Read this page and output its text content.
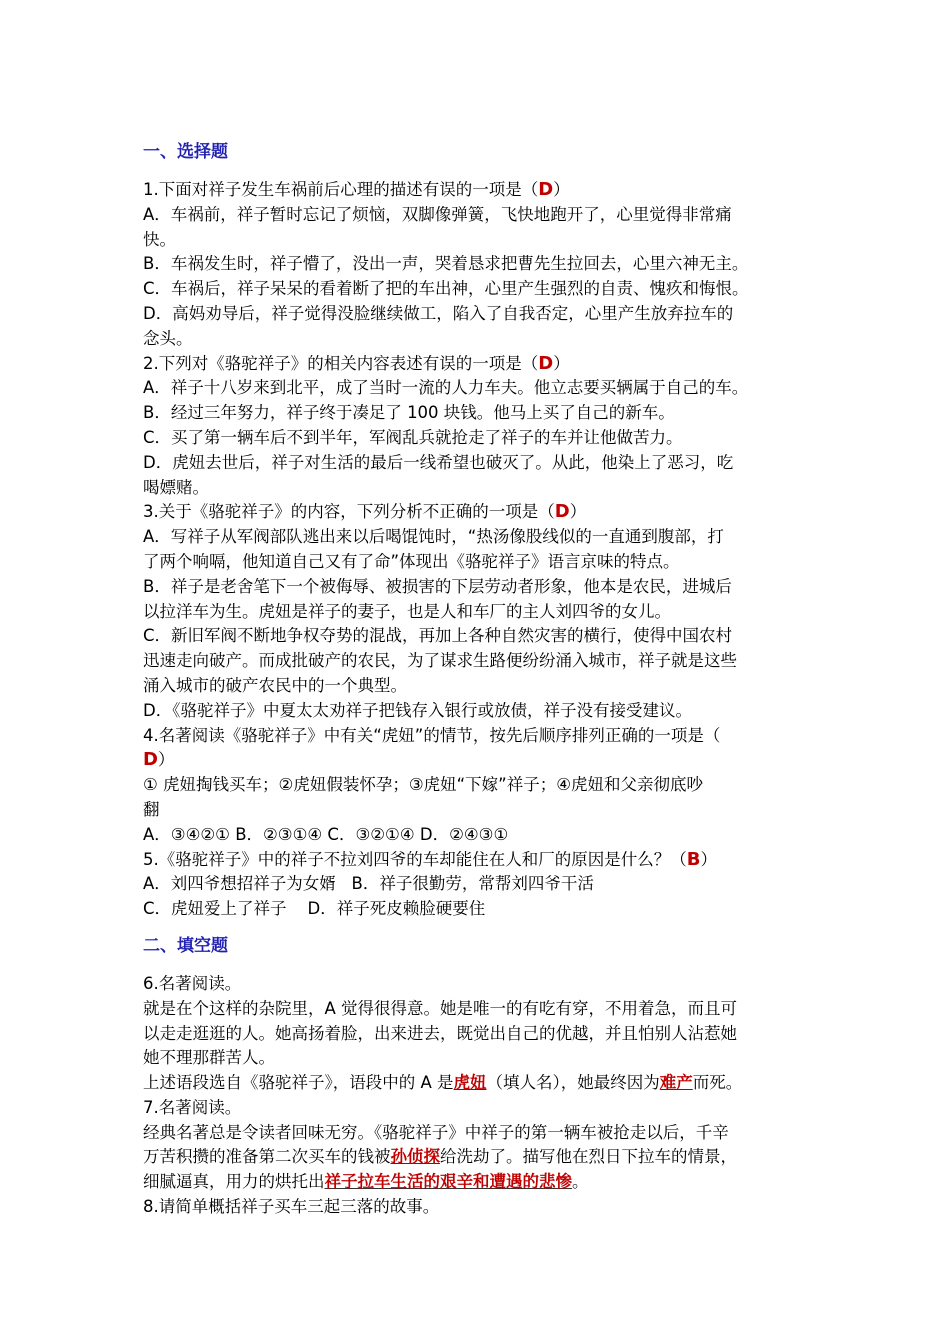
一、选择题
1.下面对祥子发生车祸前后心理的描述有误的一项是（D）
A．车祸前，祥子暂时忘记了烦恼，双脚像弹簧，飞快地跑开了，心里觉得非常痛
快。
B．车祸发生时，祥子懵了，没出一声，哭着恳求把曹先生拉回去，心里六神无主。
C．车祸后，祥子呆呆的看着断了把的车出神，心里产生强烈的自责、愧疚和悔恨。
D．高妈劝导后，祥子觉得没脸继续做工，陷入了自我否定，心里产生放弃拉车的
念头。
2.下列对《骆驼祥子》的相关内容表述有误的一项是（D）
A．祥子十八岁来到北平，成了当时一流的人力车夫。他立志要买辆属于自己的车。
B．经过三年努力，祥子终于凑足了 100 块钱。他马上买了自己的新车。
C．买了第一辆车后不到半年，军阀乱兵就抢走了祥子的车并让他做苦力。
D．虎妞去世后，祥子对生活的最后一线希望也破灭了。从此，他染上了恶习，吃
喝嫖赌。
3.关于《骆驼祥子》的内容，下列分析不正确的一项是（D）
A．写祥子从军阀部队逃出来以后喝馄饨时，“热汤像股线似的一直通到腹部，打
了两个响嗝，他知道自己又有了命”体现出《骆驼祥子》语言京味的特点。
B．祥子是老舍笔下一个被侮辱、被损害的下层劳动者形象，他本是农民，进城后
以拉洋车为生。虎妞是祥子的妻子，也是人和车厂的主人刘四爷的女儿。
C．新旧军阀不断地争权夺势的混战，再加上各种自然灾害的横行，使得中国农村
迅速走向破产。而成批破产的农民，为了谋求生路便纷纷涌入城市，祥子就是这些
涌入城市的破产农民中的一个典型。
D．《骆驼祥子》中夏太太劝祥子把钱存入银行或放债，祥子没有接受建议。
4.名著阅读《骆驼祥子》中有关“虎妞”的情节，按先后顺序排列正确的一项是（
D）
① 虎妞掏钱买车；②虎妞假装怀孕；③虎妞“下嫁”祥子；④虎妞和父亲彻底吵
翻
A．③④②① B．②③①④ C．③②①④ D．②④③①
5.《骆驼祥子》中的祥子不拉刘四爷的车却能住在人和厂的原因是什么？（B）
A．刘四爷想招祥子为女婿   B．祥子很勤劳，常帮刘四爷干活
C．虎妞爱上了祥子    D．祥子死皮赖脸硬要住
二、填空题
6.名著阅读。
就是在个这样的杂院里，A 觉得很得意。她是唯一的有吃有穿，不用着急，而且可
以走走逛逛的人。她高扬着脸，出来进去，既觉出自己的优越，并且怕别人沾惹她
她不理那群苦人。
上述语段选自《骆驼祥子》，语段中的 A 是虎妞（填人名），她最终因为难产而死。
7.名著阅读。
经典名著总是令读者回味无穷。《骆驼祥子》中祥子的第一辆车被抢走以后，千辛
万苦积攒的准备第二次买车的钱被孙侦探给洗劫了。描写他在烈日下拉车的情景，
细腻逼真，用力的烘托出祥子拉车生活的艰辛和遭遇的悲惨。
8.请简单概括祥子买车三起三落的故事。
